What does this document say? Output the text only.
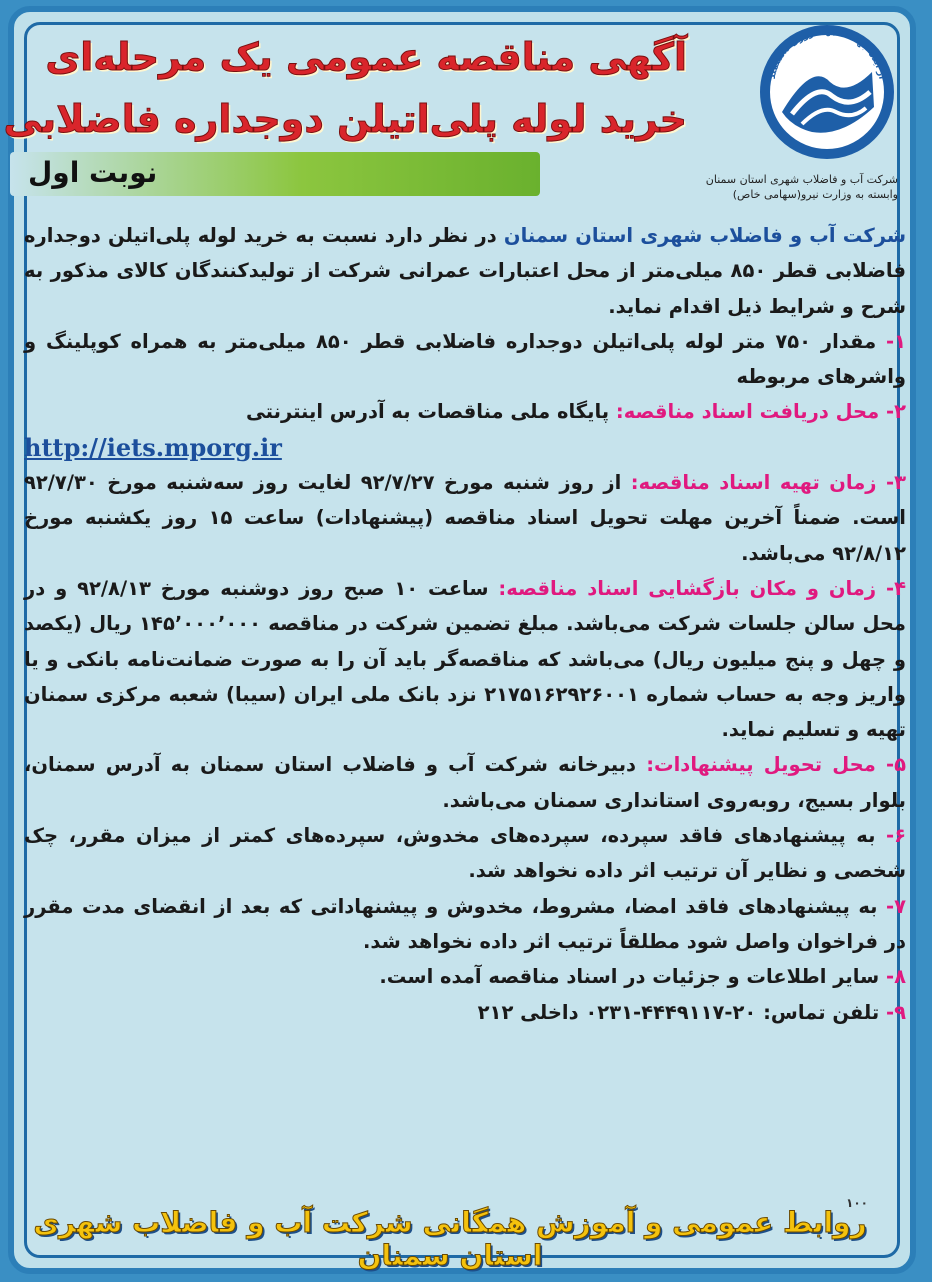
از ایدهٔ جهاد تا جهاد روزی دانشمند
شرکت آب و فاضلاب شهری استان سمنان
وابسته به وزارت نیرو(سهامی خاص)
آگهی مناقصه عمومی یک مرحله‌ای
خرید لوله پلی‌اتیلن دوجداره فاضلابی
نوبت اول

شرکت آب و فاضلاب شهری استان سمنان در نظر دارد نسبت به خرید لوله پلی‌اتیلن دوجداره فاضلابی قطر ۸۵۰ میلی‌متر از محل اعتبارات عمرانی شرکت از تولیدکنندگان کالای مذکور به شرح و شرایط ذیل اقدام نماید.

۱- مقدار ۷۵۰ متر لوله پلی‌اتیلن دوجداره فاضلابی قطر ۸۵۰ میلی‌متر به همراه کوپلینگ و واشرهای مربوطه

۲- محل دریافت اسناد مناقصه: پایگاه ملی مناقصات به آدرس اینترنتی
http://iets.mporg.ir

۳- زمان تهیه اسناد مناقصه: از روز شنبه مورخ ۹۲/۷/۲۷ لغایت روز سه‌شنبه مورخ ۹۲/۷/۳۰ است. ضمناً آخرین مهلت تحویل اسناد مناقصه (پیشنهادات) ساعت ۱۵ روز یکشنبه مورخ ۹۲/۸/۱۲ می‌باشد.

۴- زمان و مکان بازگشایی اسناد مناقصه: ساعت ۱۰ صبح روز دوشنبه مورخ ۹۲/۸/۱۳ و در محل سالن جلسات شرکت می‌باشد. مبلغ تضمین شرکت در مناقصه ۱۴۵٬۰۰۰٬۰۰۰ ریال (یکصد و چهل و پنج میلیون ریال) می‌باشد که مناقصه‌گر باید آن را به صورت ضمانت‌نامه بانکی و یا واریز وجه به حساب شماره ۲۱۷۵۱۶۲۹۲۶۰۰۱ نزد بانک ملی ایران (سیبا) شعبه مرکزی سمنان تهیه و تسلیم نماید.

۵- محل تحویل پیشنهادات: دبیرخانه شرکت آب و فاضلاب استان سمنان به آدرس سمنان، بلوار بسیج، روبه‌روی استانداری سمنان می‌باشد.

۶- به پیشنهادهای فاقد سپرده، سپرده‌های مخدوش، سپرده‌های کمتر از میزان مقرر، چک شخصی و نظایر آن ترتیب اثر داده نخواهد شد.

۷- به پیشنهادهای فاقد امضا، مشروط، مخدوش و پیشنهاداتی که بعد از انقضای مدت مقرر در فراخوان واصل شود مطلقاً ترتیب اثر داده نخواهد شد.

۸- سایر اطلاعات و جزئیات در اسناد مناقصه آمده است.

۹- تلفن تماس: ۲۰-۴۴۴۹۱۱۷-۰۲۳۱ داخلی ۲۱۲

۱۰۰
روابط عمومی و آموزش همگانی شرکت آب و فاضلاب شهری استان سمنان
